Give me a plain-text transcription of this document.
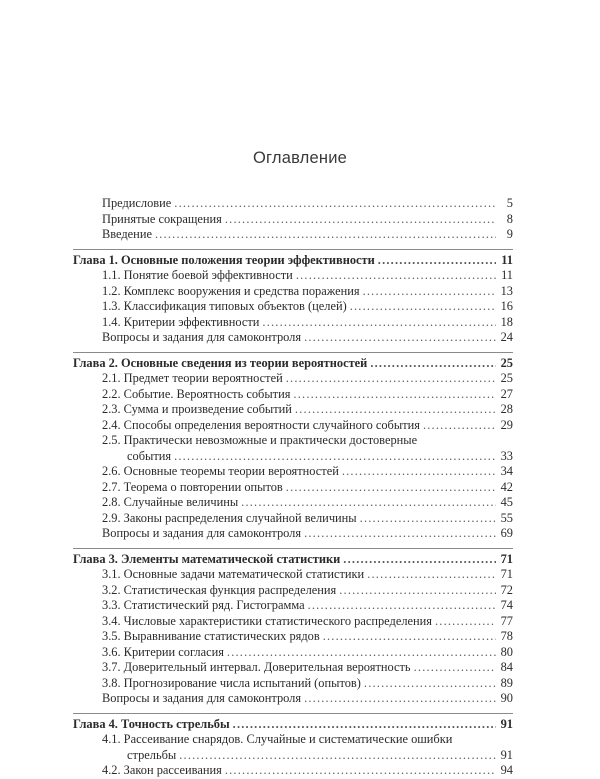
Оглавление
Предисловие .....	5
Принятые сокращения .....	8
Введение .....	9
Глава 1. Основные положения теории эффективности .....	11
1.1. Понятие боевой эффективности .....	11
1.2. Комплекс вооружения и средства поражения .....	13
1.3. Классификация типовых объектов (целей) .....	16
1.4. Критерии эффективности .....	18
Вопросы и задания для самоконтроля .....	24
Глава 2. Основные сведения из теории вероятностей .....	25
2.1. Предмет теории вероятностей .....	25
2.2. Событие. Вероятность события .....	27
2.3. Сумма и произведение событий .....	28
2.4. Способы определения вероятности случайного события .....	29
2.5. Практически невозможные и практически достоверные
события .....	33
2.6. Основные теоремы теории вероятностей .....	34
2.7. Теорема о повторении опытов .....	42
2.8. Случайные величины .....	45
2.9. Законы распределения случайной величины .....	55
Вопросы и задания для самоконтроля .....	69
Глава 3. Элементы математической статистики .....	71
3.1. Основные задачи математической статистики .....	71
3.2. Статистическая функция распределения .....	72
3.3. Статистический ряд. Гистограмма .....	74
3.4. Числовые характеристики статистического распределения .....	77
3.5. Выравнивание статистических рядов .....	78
3.6. Критерии согласия .....	80
3.7. Доверительный интервал. Доверительная вероятность .....	84
3.8. Прогнозирование числа испытаний (опытов) .....	89
Вопросы и задания для самоконтроля .....	90
Глава 4. Точность стрельбы .....	91
4.1. Рассеивание снарядов. Случайные и систематические ошибки
стрельбы .....	91
4.2. Закон рассеивания .....	94
